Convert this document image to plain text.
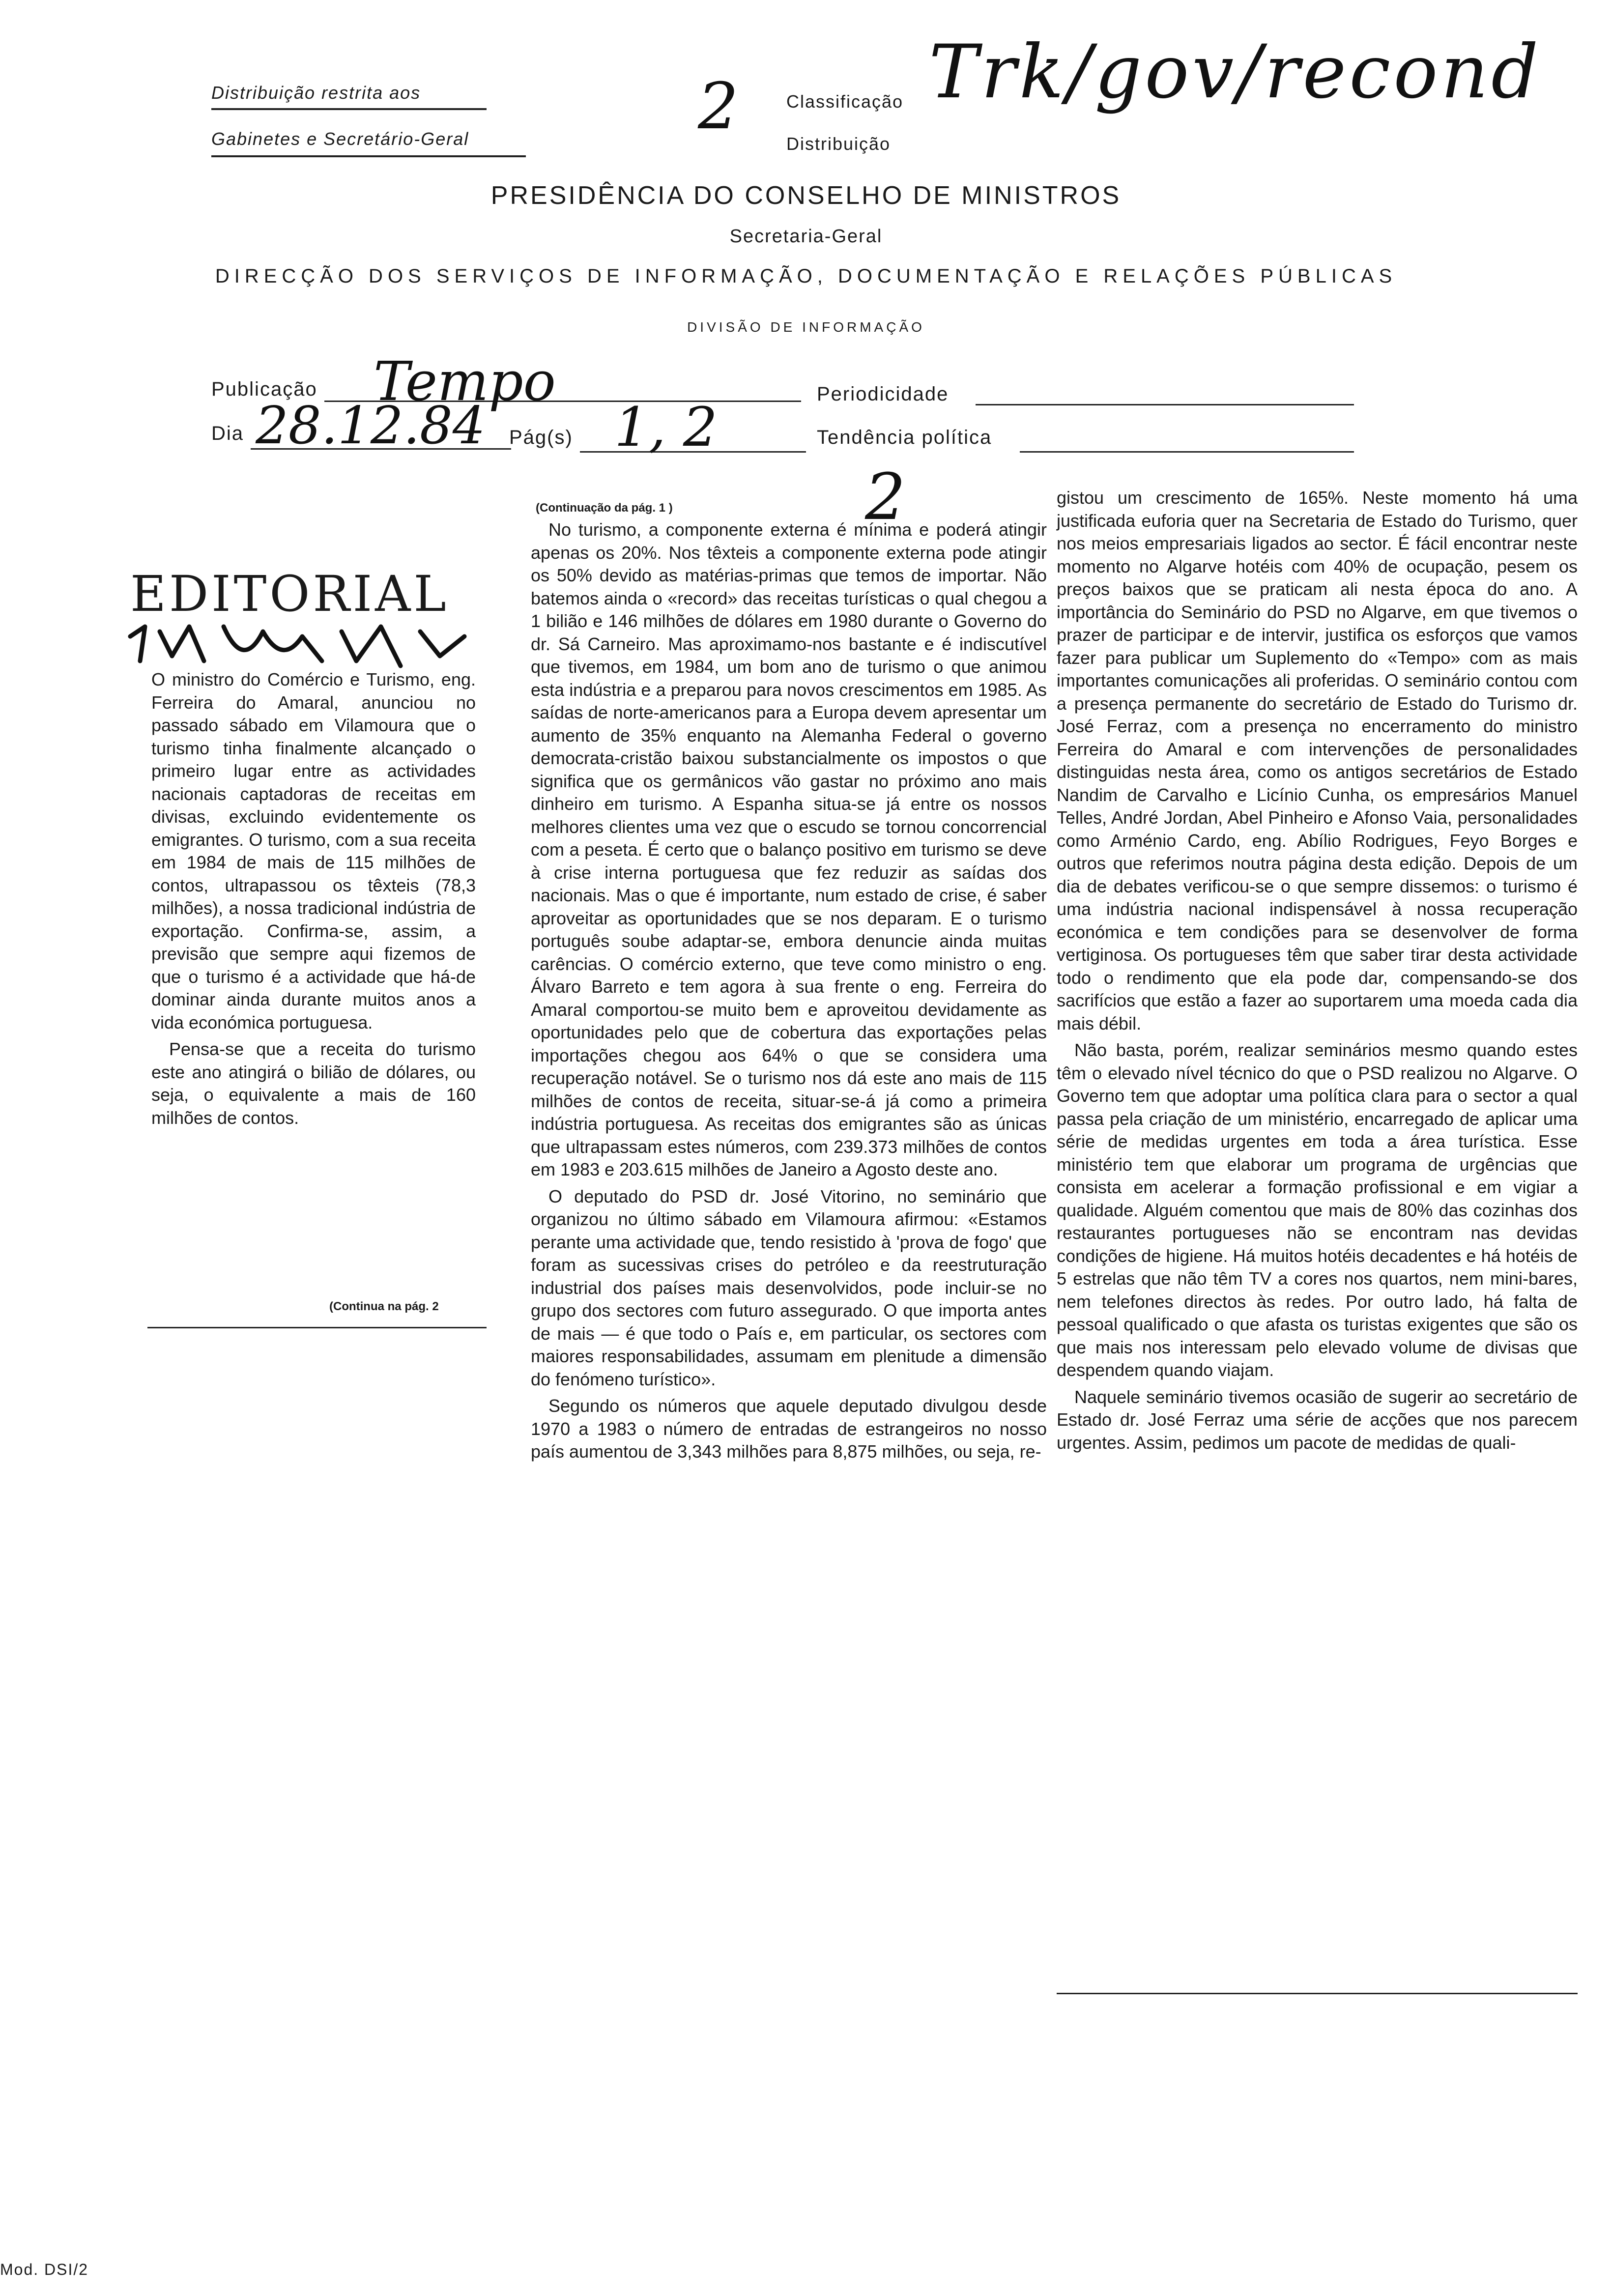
Distribuição restrita aos
Gabinetes e Secretário-Geral	2	Classificação
Distribuição
Trk/gov/recond
PRESIDÊNCIA DO CONSELHO DE MINISTROS
Secretaria-Geral
DIRECÇÃO DOS SERVIÇOS DE INFORMAÇÃO, DOCUMENTAÇÃO E RELAÇÕES PÚBLICAS
DIVISÃO DE INFORMAÇÃO
Publicação Tempo	Periodicidade
Dia 28.12.84 Pág(s) 1, 2	Tendência política
2
EDITORIAL

O ministro do Comércio e Turismo, eng. Ferreira do Amaral, anunciou no passado sábado em Vilamoura que o turismo tinha finalmente alcançado o primeiro lugar entre as actividades nacionais captadoras de receitas em divisas, excluindo evidentemente os emigrantes. O turismo, com a sua receita em 1984 de mais de 115 milhões de contos, ultrapassou os têxteis (78,3 milhões), a nossa tradicional indústria de exportação. Confirma-se, assim, a previsão que sempre aqui fizemos de que o turismo é a actividade que há-de dominar ainda durante muitos anos a vida económica portuguesa.

Pensa-se que a receita do turismo este ano atingirá o bilião de dólares, ou seja, o equivalente a mais de 160 milhões de contos.

(Continua na pág. 2
(Continuação da pág. 1 )

No turismo, a componente externa é mínima e poderá atingir apenas os 20%. Nos têxteis a componente externa pode atingir os 50% devido as matérias-primas que temos de importar. Não batemos ainda o «record» das receitas turísticas o qual chegou a 1 bilião e 146 milhões de dólares em 1980 durante o Governo do dr. Sá Carneiro. Mas aproximamo-nos bastante e é indiscutível que tivemos, em 1984, um bom ano de turismo o que animou esta indústria e a preparou para novos crescimentos em 1985. As saídas de norte-americanos para a Europa devem apresentar um aumento de 35% enquanto na Alemanha Federal o governo democrata-cristão baixou substancialmente os impostos o que significa que os germânicos vão gastar no próximo ano mais dinheiro em turismo. A Espanha situa-se já entre os nossos melhores clientes uma vez que o escudo se tornou concorrencial com a peseta. É certo que o balanço positivo em turismo se deve à crise interna portuguesa que fez reduzir as saídas dos nacionais. Mas o que é importante, num estado de crise, é saber aproveitar as oportunidades que se nos deparam. E o turismo português soube adaptar-se, embora denuncie ainda muitas carências. O comércio externo, que teve como ministro o eng. Álvaro Barreto e tem agora à sua frente o eng. Ferreira do Amaral comportou-se muito bem e aproveitou devidamente as oportunidades pelo que de cobertura das exportações pelas importações chegou aos 64% o que se considera uma recuperação notável. Se o turismo nos dá este ano mais de 115 milhões de contos de receita, situar-se-á já como a primeira indústria portuguesa. As receitas dos emigrantes são as únicas que ultrapassam estes números, com 239.373 milhões de contos em 1983 e 203.615 milhões de Janeiro a Agosto deste ano.

O deputado do PSD dr. José Vitorino, no seminário que organizou no último sábado em Vilamoura afirmou: «Estamos perante uma actividade que, tendo resistido à 'prova de fogo' que foram as sucessivas crises do petróleo e da reestruturação industrial dos países mais desenvolvidos, pode incluir-se no grupo dos sectores com futuro assegurado. O que importa antes de mais — é que todo o País e, em particular, os sectores com maiores responsabilidades, assumam em plenitude a dimensão do fenómeno turístico».

Segundo os números que aquele deputado divulgou desde 1970 a 1983 o número de entradas de estrangeiros no nosso país aumentou de 3,343 milhões para 8,875 milhões, ou seja, re-

gistou um crescimento de 165%. Neste momento há uma justificada euforia quer na Secretaria de Estado do Turismo, quer nos meios empresariais ligados ao sector. É fácil encontrar neste momento no Algarve hotéis com 40% de ocupação, pesem os preços baixos que se praticam ali nesta época do ano. A importância do Seminário do PSD no Algarve, em que tivemos o prazer de participar e de intervir, justifica os esforços que vamos fazer para publicar um Suplemento do «Tempo» com as mais importantes comunicações ali proferidas. O seminário contou com a presença permanente do secretário de Estado do Turismo dr. José Ferraz, com a presença no encerramento do ministro Ferreira do Amaral e com intervenções de personalidades distinguidas nesta área, como os antigos secretários de Estado Nandim de Carvalho e Licínio Cunha, os empresários Manuel Telles, André Jordan, Abel Pinheiro e Afonso Vaia, personalidades como Arménio Cardo, eng. Abílio Rodrigues, Feyo Borges e outros que referimos noutra página desta edição. Depois de um dia de debates verificou-se o que sempre dissemos: o turismo é uma indústria nacional indispensável à nossa recuperação económica e tem condições para se desenvolver de forma vertiginosa. Os portugueses têm que saber tirar desta actividade todo o rendimento que ela pode dar, compensando-se dos sacrifícios que estão a fazer ao suportarem uma moeda cada dia mais débil.

Não basta, porém, realizar seminários mesmo quando estes têm o elevado nível técnico do que o PSD realizou no Algarve. O Governo tem que adoptar uma política clara para o sector a qual passa pela criação de um ministério, encarregado de aplicar uma série de medidas urgentes em toda a área turística. Esse ministério tem que elaborar um programa de urgências que consista em acelerar a formação profissional e em vigiar a qualidade. Alguém comentou que mais de 80% das cozinhas dos restaurantes portugueses não se encontram nas devidas condições de higiene. Há muitos hotéis decadentes e há hotéis de 5 estrelas que não têm TV a cores nos quartos, nem mini-bares, nem telefones directos às redes. Por outro lado, há falta de pessoal qualificado o que afasta os turistas exigentes que são os que mais nos interessam pelo elevado volume de divisas que despendem quando viajam.

Naquele seminário tivemos ocasião de sugerir ao secretário de Estado dr. José Ferraz uma série de acções que nos parecem urgentes. Assim, pedimos um pacote de medidas de quali-

Mod. DSI/2
